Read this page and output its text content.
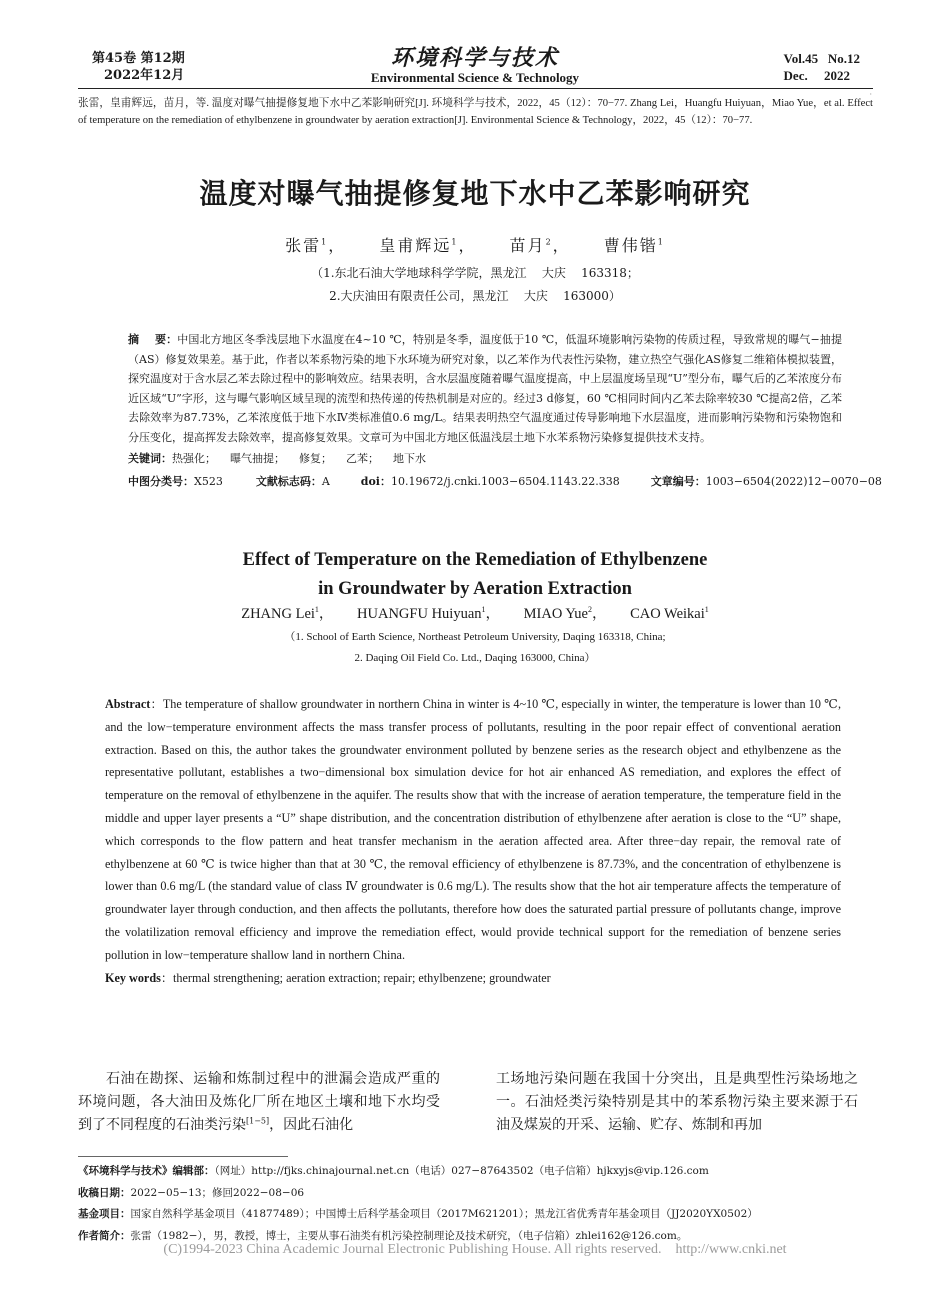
第45卷 第12期
2022年12月
环境科学与技术
Environmental Science & Technology
Vol.45   No.12
Dec.     2022
·
张雷，皇甫辉远，苗月，等. 温度对曝气抽提修复地下水中乙苯影响研究[J]. 环境科学与技术，2022，45（12）：70−77. Zhang Lei，Huangfu Huiyuan，Miao Yue，et al. Effect of temperature on the remediation of ethylbenzene in groundwater by aeration extraction[J]. Environmental Science & Technology，2022，45（12）：70−77.
温度对曝气抽提修复地下水中乙苯影响研究
张雷$^1$， 皇甫辉远$^1$， 苗月$^2$， 曹伟锴$^1$
（1.东北石油大学地球科学学院，黑龙江    大庆    163318；
2.大庆油田有限责任公司，黑龙江    大庆    163000）
摘    要：中国北方地区冬季浅层地下水温度在4~10 ℃，特别是冬季，温度低于10 ℃，低温环境影响污染物的传质过程，导致常规的曝气−抽提（AS）修复效果差。基于此，作者以苯系物污染的地下水环境为研究对象，以乙苯作为代表性污染物，建立热空气强化AS修复二维箱体模拟装置，探究温度对于含水层乙苯去除过程中的影响效应。结果表明，含水层温度随着曝气温度提高，中上层温度场呈现“U”型分布，曝气后的乙苯浓度分布近区域“U”字形，这与曝气影响区域呈现的流型和热传递的传热机制是对应的。经过3 d修复，60 ℃相同时间内乙苯去除率较30 ℃提高2倍，乙苯去除效率为87.73%，乙苯浓度低于地下水Ⅳ类标准值0.6 mg/L。结果表明热空气温度通过传导影响地下水层温度，进而影响污染物和污染物饱和分压变化，提高挥发去除效率，提高修复效果。文章可为中国北方地区低温浅层土地下水苯系物污染修复提供技术支持。
关键词：热强化；    曝气抽提；    修复；    乙苯；    地下水
中图分类号：X523	文献标志码：A	doi：10.19672/j.cnki.1003−6504.1143.22.338	文章编号：1003−6504(2022)12−0070−08
Effect of Temperature on the Remediation of Ethylbenzene
in Groundwater by Aeration Extraction
ZHANG Lei$^1$， HUANGFU Huiyuan$^1$， MIAO Yue$^2$， CAO Weikai$^1$
（1. School of Earth Science, Northeast Petroleum University, Daqing 163318, China;
2. Daqing Oil Field Co. Ltd., Daqing 163000, China）
Abstract：The temperature of shallow groundwater in northern China in winter is 4~10 ℃, especially in winter, the temperature is lower than 10 ℃, and the low−temperature environment affects the mass transfer process of pollutants, resulting in the poor repair effect of conventional aeration extraction. Based on this, the author takes the groundwater environment polluted by benzene series as the research object and ethylbenzene as the representative pollutant, establishes a two−dimensional box simulation device for hot air enhanced AS remediation, and explores the effect of temperature on the removal of ethylbenzene in the aquifer. The results show that with the increase of aeration temperature, the temperature field in the middle and upper layer presents a “U” shape distribution, and the concentration distribution of ethylbenzene after aeration is close to the “U” shape, which corresponds to the flow pattern and heat transfer mechanism in the aeration affected area. After three−day repair, the removal rate of ethylbenzene at 60 ℃ is twice higher than that at 30 ℃, the removal efficiency of ethylbenzene is 87.73%, and the concentration of ethylbenzene is lower than 0.6 mg/L (the standard value of class Ⅳ groundwater is 0.6 mg/L). The results show that the hot air temperature affects the temperature of groundwater layer through conduction, and then affects the pollutants, therefore how does the saturated partial pressure of pollutants change, improve the volatilization removal efficiency and improve the remediation effect, would provide technical support for the remediation of benzene series pollution in low−temperature shallow land in northern China.
Key words：thermal strengthening; aeration extraction; repair; ethylbenzene; groundwater
石油在勘探、运输和炼制过程中的泄漏会造成严重的环境问题，各大油田及炼化厂所在地区土壤和地下水均受到了不同程度的石油类污染[1−5]，因此石油化
工场地污染问题在我国十分突出，且是典型性污染场地之一。石油烃类污染特别是其中的苯系物污染主要来源于石油及煤炭的开采、运输、贮存、炼制和再加
《环境科学与技术》编辑部：（网址）http://fjks.chinajournal.net.cn（电话）027−87643502（电子信箱）hjkxyjs@vip.126.com
收稿日期：2022−05−13；修回2022−08−06
基金项目：国家自然科学基金项目（41877489）；中国博士后科学基金项目（2017M621201）；黑龙江省优秀青年基金项目（JJ2020YX0502）
作者简介：张雷（1982−），男，教授，博士，主要从事石油类有机污染控制理论及技术研究，（电子信箱）zhlei162@126.com。
(C)1994-2023 China Academic Journal Electronic Publishing House. All rights reserved.    http://www.cnki.net
